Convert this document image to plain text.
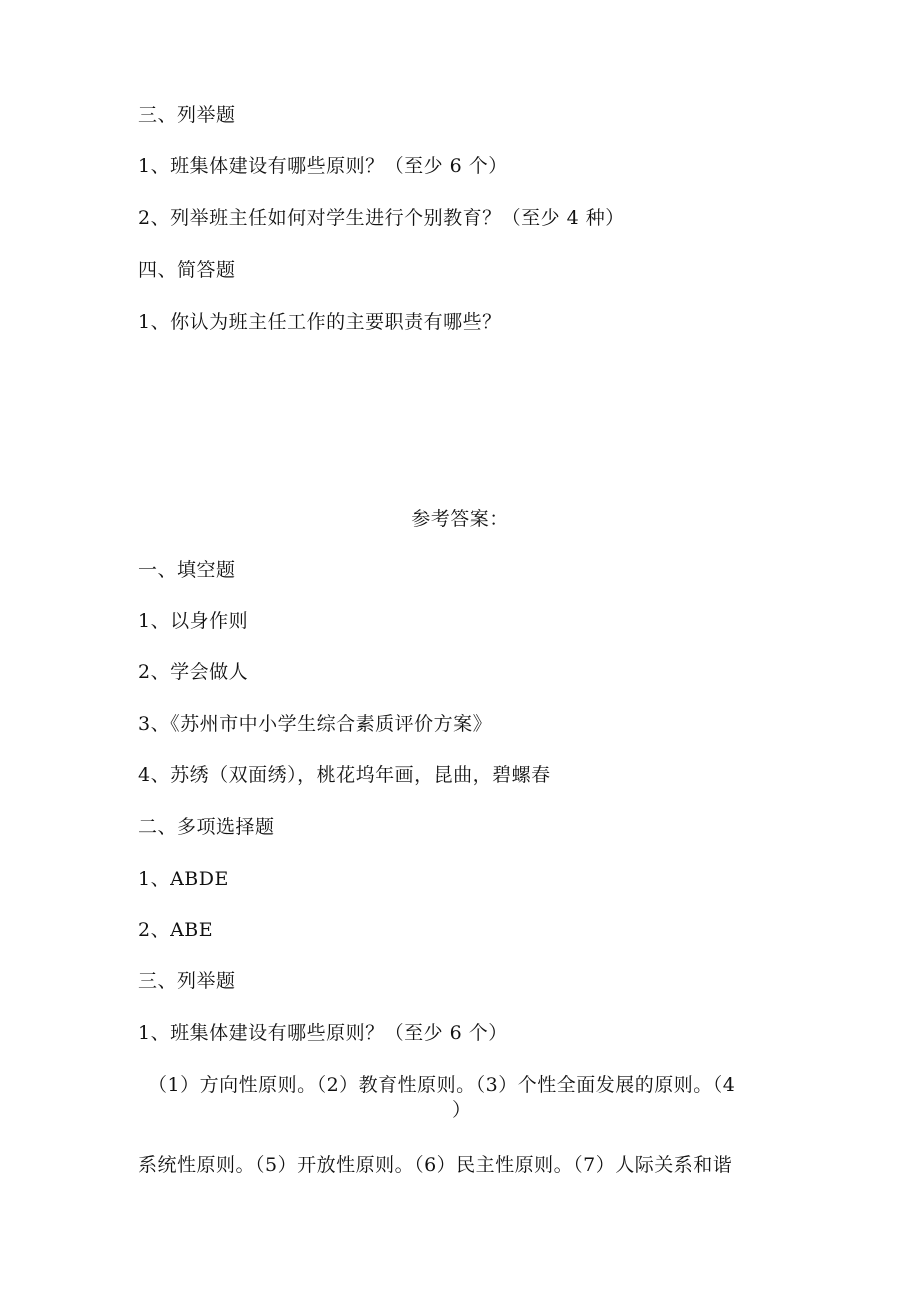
三、列举题
1、班集体建设有哪些原则？（至少 6 个）
2、列举班主任如何对学生进行个别教育？（至少 4 种）
四、简答题
1、你认为班主任工作的主要职责有哪些？
参考答案：
一、填空题
1、以身作则
2、学会做人
3、《苏州市中小学生综合素质评价方案》
4、苏绣（双面绣），桃花坞年画，昆曲，碧螺春
二、多项选择题
1、ABDE
2、ABE
三、列举题
1、班集体建设有哪些原则？（至少 6 个）
（1）方向性原则。（2）教育性原则。（3）个性全面发展的原则。（4
）
系统性原则。（5）开放性原则。（6）民主性原则。（7）人际关系和谐
